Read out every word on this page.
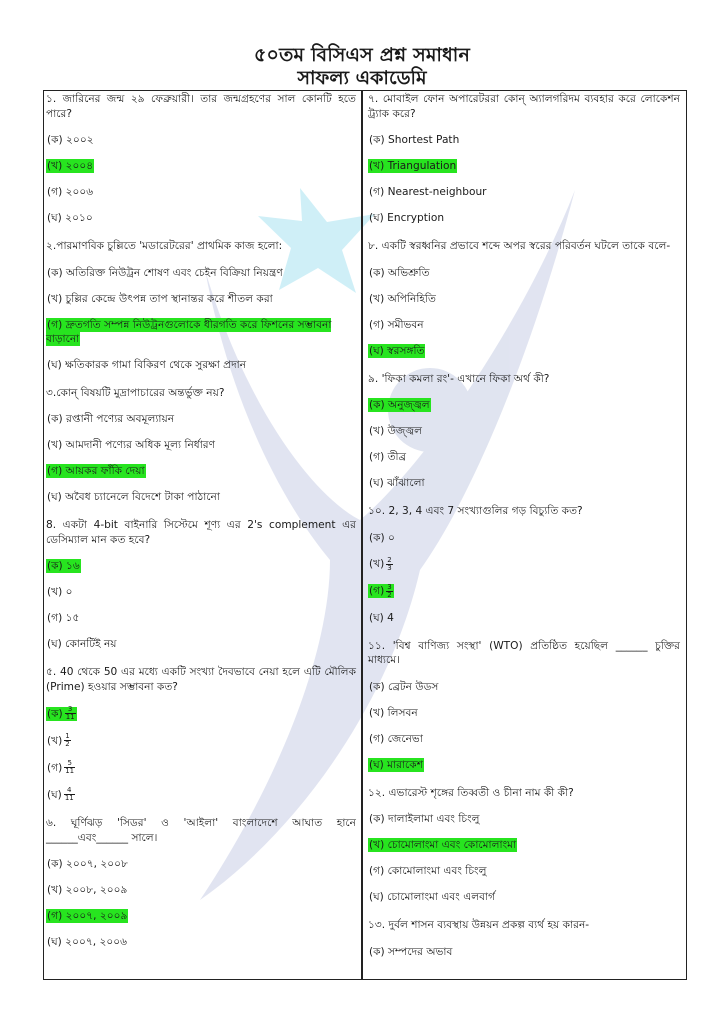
৫০তম বিসিএস প্রশ্ন সমাধান
সাফল্য একাডেমি
১. জারিনের জন্ম ২৯ ফেব্রুয়ারী। তার জন্মগ্রহণের সাল কোনটি হতে পারে?
(ক) ২০০২
(খ) ২০০৪
(গ) ২০০৬
(ঘ) ২০১০
২.পারমাণবিক চুল্লিতে 'মডারেটরের' প্রাথমিক কাজ হলো:
(ক) অতিরিক্ত নিউট্রন শোষণ এবং চেইন বিক্রিয়া নিয়ন্ত্রণ
(খ) চুল্লির কেন্দ্রে উৎপন্ন তাপ স্থানান্তর করে শীতল করা
(গ) দ্রুতগতি সম্পন্ন নিউট্রনগুলোকে ধীরগতি করে ফিশনের সম্ভাবনা বাড়ানো
(ঘ) ক্ষতিকারক গামা বিকিরণ থেকে সুরক্ষা প্রদান
৩.কোন্ বিষয়টি মুদ্রাপাচারের অন্তর্ভুক্ত নয়?
(ক) রপ্তানী পণ্যের অবমূল্যায়ন
(খ) আমদানী পণ্যের অধিক মূল্য নির্ধারণ
(গ) আয়কর ফাঁকি দেয়া
(ঘ) অবৈধ চ্যানেলে বিদেশে টাকা পাঠানো
8. একটা 4-bit বাইনারি সিস্টেমে শূণ্য এর 2's complement এর ডেসিম্যাল মান কত হবে?
(ক) ১৬
(খ) ০
(গ) ১৫
(ঘ) কোনটিই নয়
৫. 40 থেকে 50 এর মধ্যে একটি সংখ্যা দৈবভাবে নেয়া হলে এটি মৌলিক (Prime) হওয়ার সম্ভাবনা কত?
(ক) $\frac{3}{11}$
(খ) $\frac{1}{2}$
(গ) $\frac{5}{11}$
(ঘ) $\frac{4}{11}$
৬. ঘূর্ণিঝড় 'সিডর' ও 'আইলা' বাংলাদেশে আঘাত হানে ______এবং______ সালে।
(ক) ২০০৭, ২০০৮
(খ) ২০০৮, ২০০৯
(গ) ২০০৭, ২০০৯
(ঘ) ২০০৭, ২০০৬
৭. মোবাইল ফোন অপারেটররা কোন্ অ্যালগরিদম ব্যবহার করে লোকেশন ট্র্যাক করে?
(ক) Shortest Path
(খ) Triangulation
(গ) Nearest-neighbour
(ঘ) Encryption
৮. একটি স্বরধ্বনির প্রভাবে শব্দে অপর স্বরের পরিবর্তন ঘটলে তাকে বলে-
(ক) অভিশ্রুতি
(খ) অপিনিহিতি
(গ) সমীভবন
(ঘ) স্বরসঙ্গতি
৯. 'ফিকা কমলা রং'- এখানে ফিকা অর্থ কী?
(ক) অনুজ্জ্বল
(খ) উজ্জ্বল
(গ) তীব্র
(ঘ) ঝাঁঝালো
১০. 2, 3, 4 এবং 7 সংখ্যাগুলির গড় বিচ্যুতি কত?
(ক) ০
(খ) $\frac{2}{3}$
(গ) $\frac{3}{2}$
(ঘ) 4
১১. 'বিশ্ব বাণিজ্য সংস্থা' (WTO) প্রতিষ্ঠিত হয়েছিল ______ চুক্তির মাধ্যমে।
(ক) ব্রেটন উডস
(খ) লিসবন
(গ) জেনেভা
(ঘ) মারাকেশ
১২. এভারেস্ট শৃঙ্গের তিব্বতী ও চীনা নাম কী কী?
(ক) দালাইলামা এবং চিংলু
(খ) চোমোলাংমা এবং কোমোলাংমা
(গ) কোমোলাংমা এবং চিংলু
(ঘ) চোমোলাংমা এবং এলবার্গ
১৩. দুর্বল শাসন ব্যবস্থায় উন্নয়ন প্রকল্প ব্যর্থ হয় কারন-
(ক) সম্পদের অভাব
